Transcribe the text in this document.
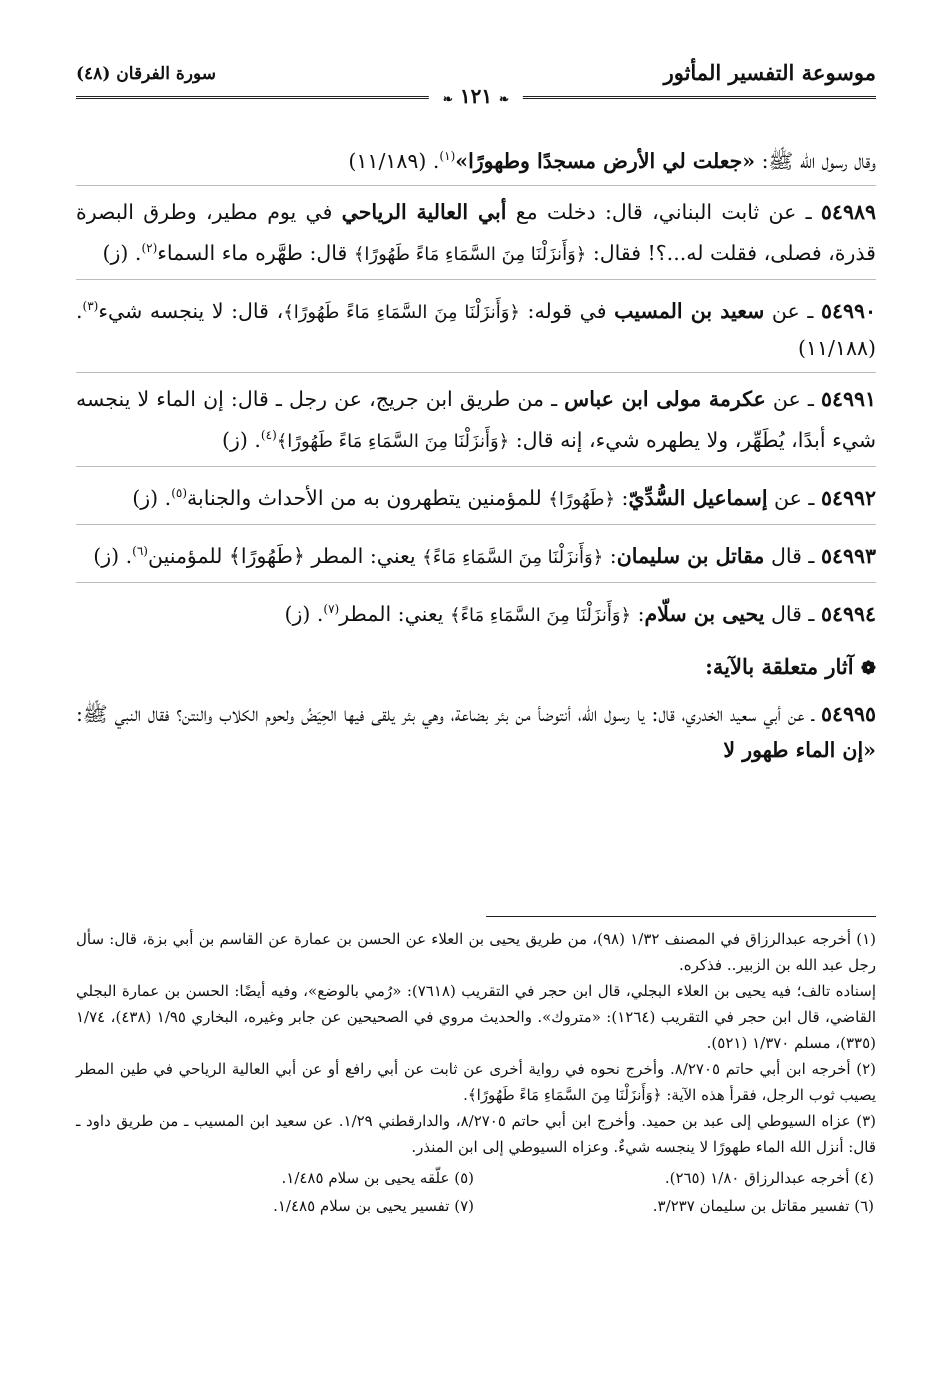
موسوعة التفسير المأثور
سورة الفرقان (٤٨)
❧ ١٢١ ❧

وقال رسول الله ﷺ: «جعلت لي الأرض مسجدًا وطهورًا»$^{(١)}$. (١١/١٨٩)

٥٤٩٨٩ ـ عن ثابت البناني، قال: دخلت مع أبي العالية الرياحي في يوم مطير، وطرق البصرة قذرة، فصلى، فقلت له...؟! فقال: ﴿وَأَنزَلْنَا مِنَ السَّمَاءِ مَاءً طَهُورًا﴾ قال: طهَّره ماء السماء$^{(٢)}$. (ز)

٥٤٩٩٠ ـ عن سعيد بن المسيب في قوله: ﴿وَأَنزَلْنَا مِنَ السَّمَاءِ مَاءً طَهُورًا﴾، قال: لا ينجسه شيء$^{(٣)}$. (١١/١٨٨)

٥٤٩٩١ ـ عن عكرمة مولى ابن عباس ـ من طريق ابن جريج، عن رجل ـ قال: إن الماء لا ينجسه شيء أبدًا، يُطَهِّر، ولا يطهره شيء، إنه قال: ﴿وَأَنزَلْنَا مِنَ السَّمَاءِ مَاءً طَهُورًا﴾$^{(٤)}$. (ز)

٥٤٩٩٢ ـ عن إسماعيل السُّدِّيّ: ﴿طَهُورًا﴾ للمؤمنين يتطهرون به من الأحداث والجنابة$^{(٥)}$. (ز)

٥٤٩٩٣ ـ قال مقاتل بن سليمان: ﴿وَأَنزَلْنَا مِنَ السَّمَاءِ مَاءً﴾ يعني: المطر ﴿طَهُورًا﴾ للمؤمنين$^{(٦)}$. (ز)

٥٤٩٩٤ ـ قال يحيى بن سلّام: ﴿وَأَنزَلْنَا مِنَ السَّمَاءِ مَاءً﴾ يعني: المطر$^{(٧)}$. (ز)

❁ آثار متعلقة بالآية:

٥٤٩٩٥ ـ عن أبي سعيد الخدري، قال: يا رسول الله، أنتوضأ من بئر بضاعة، وهي بئر يلقى فيها الحِيَضُ ولحوم الكلاب والنتن؟ فقال النبي ﷺ: «إن الماء طهور لا

(١) أخرجه عبدالرزاق في المصنف ١/٣٢ (٩٨)، من طريق يحيى بن العلاء عن الحسن بن عمارة عن القاسم بن أبي بزة، قال: سأل رجل عبد الله بن الزبير.. فذكره.

إسناده تالف؛ فيه يحيى بن العلاء البجلي، قال ابن حجر في التقريب (٧٦١٨): «رُمي بالوضع»، وفيه أيضًا: الحسن بن عمارة البجلي القاضي، قال ابن حجر في التقريب (١٢٦٤): «متروك». والحديث مروي في الصحيحين عن جابر وغيره، البخاري ١/٩٥ (٤٣٨)، ١/٧٤ (٣٣٥)، مسلم ١/٣٧٠ (٥٢١).

(٢) أخرجه ابن أبي حاتم ٨/٢٧٠٥. وأخرج نحوه في رواية أخرى عن ثابت عن أبي رافع أو عن أبي العالية الرياحي في طين المطر يصيب ثوب الرجل، فقرأ هذه الآية: ﴿وَأَنزَلْنَا مِنَ السَّمَاءِ مَاءً طَهُورًا﴾.

(٣) عزاه السيوطي إلى عبد بن حميد. وأخرج ابن أبي حاتم ٨/٢٧٠٥، والدارقطني ١/٢٩. عن سعيد ابن المسيب ـ من طريق داود ـ قال: أنزل الله الماء طهورًا لا ينجسه شيءٌ. وعزاه السيوطي إلى ابن المنذر.

(٤) أخرجه عبدالرزاق ١/٨٠ (٢٦٥).
(٥) علّقه يحيى بن سلام ١/٤٨٥.
(٦) تفسير مقاتل بن سليمان ٣/٢٣٧.
(٧) تفسير يحيى بن سلام ١/٤٨٥.
